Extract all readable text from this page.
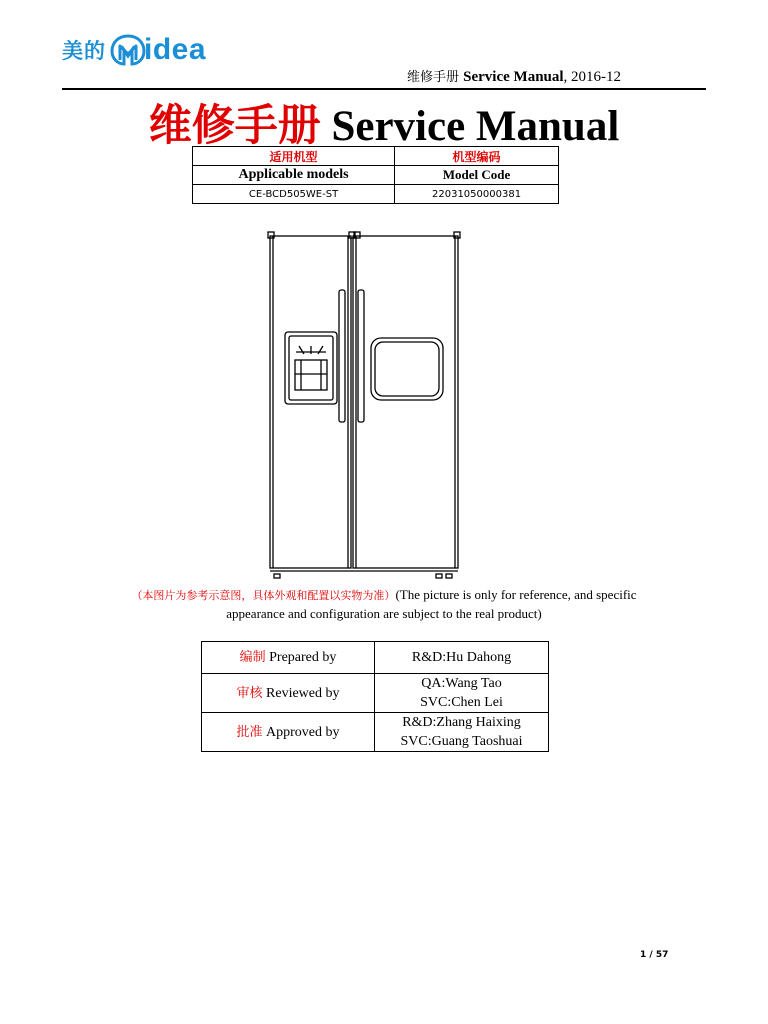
美的 idea
维修手册 Service Manual, 2016-12
维修手册 Service Manual
适用机型	机型编码
Applicable models	Model Code
CE-BCD505WE-ST	22031050000381
（本图片为参考示意图，具体外观和配置以实物为准）(The picture is only for reference, and specific
appearance and configuration are subject to the real product)
编制 Prepared by	R&D:Hu Dahong

审核 Reviewed by	QA:Wang Tao
SVC:Chen Lei

批准 Approved by	R&D:Zhang Haixing
SVC:Guang Taoshuai
1 / 57
